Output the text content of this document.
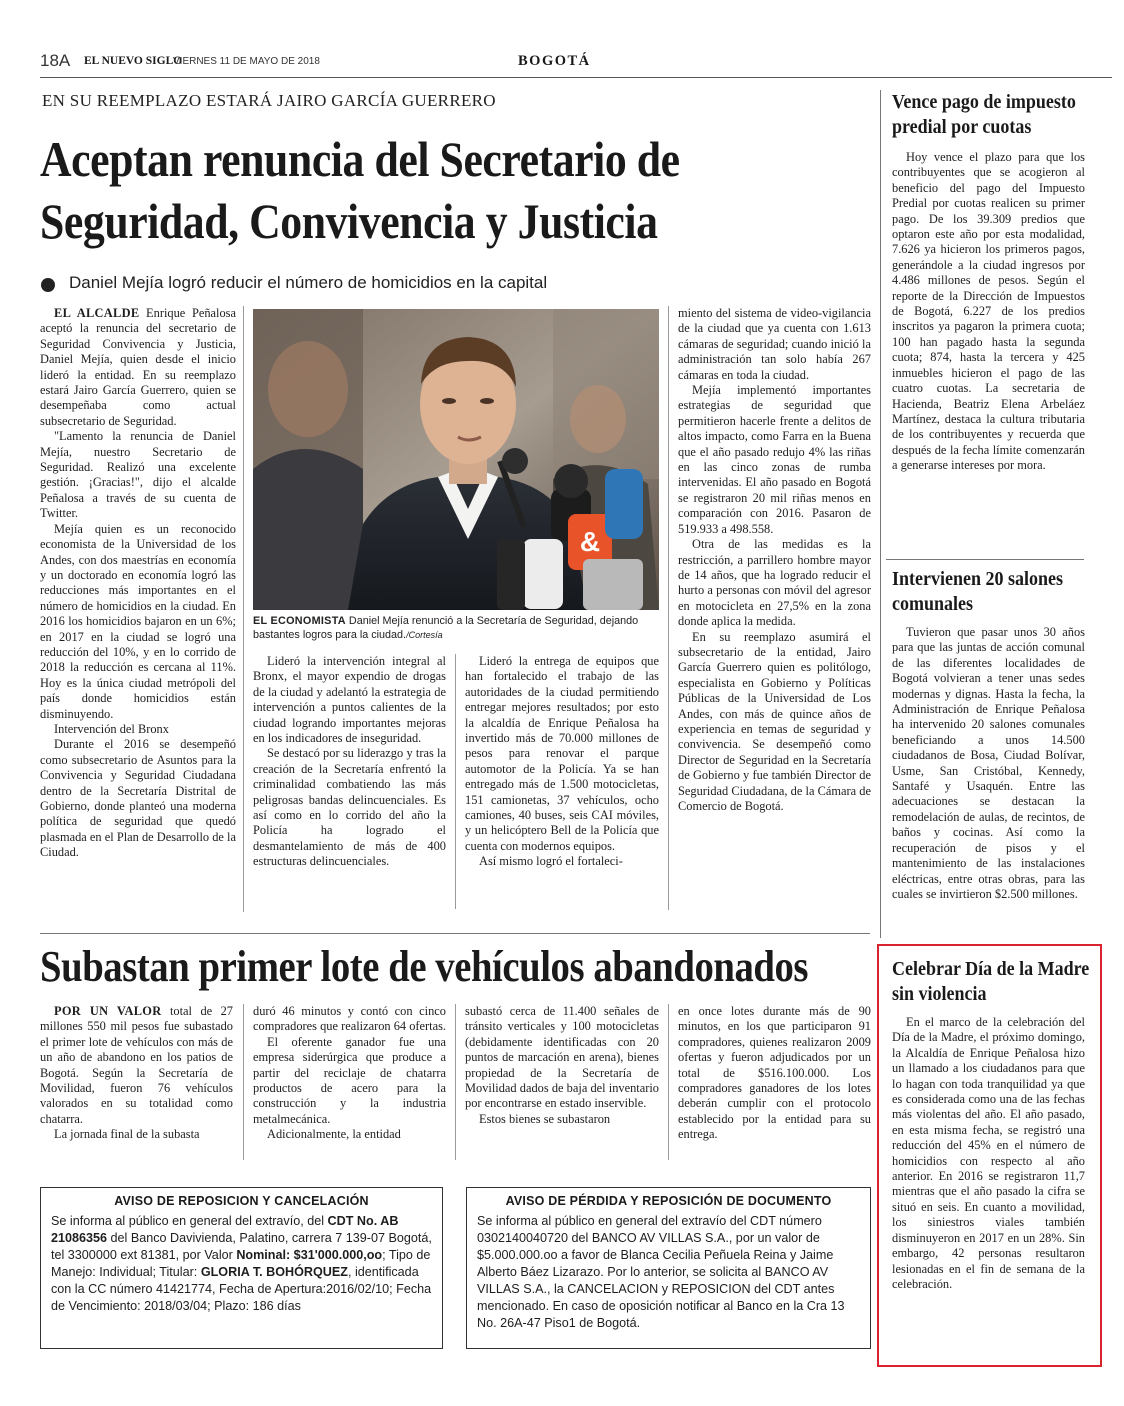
18A EL NUEVO SIGLO
VIERNES 11 DE MAYO DE 2018	BOGOTÁ
EN SU REEMPLAZO ESTARÁ JAIRO GARCÍA GUERRERO
Aceptan renuncia del Secretario de
Seguridad, Convivencia y Justicia
Daniel Mejía logró reducir el número de homicidios en la capital

EL ALCALDE Enrique Peñalosa aceptó la renuncia del secretario de Seguridad Convivencia y Justicia, Daniel Mejía, quien desde el inicio lideró la entidad. En su reemplazo estará Jairo García Guerrero, quien se desempeñaba como actual subsecretario de Seguridad.

"Lamento la renuncia de Daniel Mejía, nuestro Secretario de Seguridad. Realizó una excelente gestión. ¡Gracias!", dijo el alcalde Peñalosa a través de su cuenta de Twitter.

Mejía quien es un reconocido economista de la Universidad de los Andes, con dos maestrías en economía y un doctorado en economía logró las reducciones más importantes en el número de homicidios en la ciudad. En 2016 los homicidios bajaron en un 6%; en 2017 en la ciudad se logró una reducción del 10%, y en lo corrido de 2018 la reducción es cercana al 11%. Hoy es la única ciudad metrópoli del país donde homicidios están disminuyendo.

Intervención del Bronx

Durante el 2016 se desempeñó como subsecretario de Asuntos para la Convivencia y Seguridad Ciudadana dentro de la Secretaría Distrital de Gobierno, donde planteó una moderna política de seguridad que quedó plasmada en el Plan de Desarrollo de la Ciudad.

&
EL ECONOMISTA Daniel Mejía renunció a la Secretaría de Seguridad, dejando bastantes logros para la ciudad./Cortesía

Lideró la intervención integral al Bronx, el mayor expendio de drogas de la ciudad y adelantó la estrategia de intervención a puntos calientes de la ciudad logrando importantes mejoras en los indicadores de inseguridad.

Se destacó por su liderazgo y tras la creación de la Secretaría enfrentó la criminalidad combatiendo las más peligrosas bandas delincuenciales. Es así como en lo corrido del año la Policía ha logrado el desmantelamiento de más de 400 estructuras delincuenciales.

Lideró la entrega de equipos que han fortalecido el trabajo de las autoridades de la ciudad permitiendo entregar mejores resultados; por esto la alcaldía de Enrique Peñalosa ha invertido más de 70.000 millones de pesos para renovar el parque automotor de la Policía. Ya se han entregado más de 1.500 motocicletas, 151 camionetas, 37 vehículos, ocho camiones, 40 buses, seis CAI móviles, y un helicóptero Bell de la Policía que cuenta con modernos equipos.

Así mismo logró el fortaleci-

miento del sistema de video-vigilancia de la ciudad que ya cuenta con 1.613 cámaras de seguridad; cuando inició la administración tan solo había 267 cámaras en toda la ciudad.

Mejía implementó importantes estrategias de seguridad que permitieron hacerle frente a delitos de altos impacto, como Farra en la Buena que el año pasado redujo 4% las riñas en las cinco zonas de rumba intervenidas. El año pasado en Bogotá se registraron 20 mil riñas menos en comparación con 2016. Pasaron de 519.933 a 498.558.

Otra de las medidas es la restricción, a parrillero hombre mayor de 14 años, que ha logrado reducir el hurto a personas con móvil del agresor en motocicleta en 27,5% en la zona donde aplica la medida.

En su reemplazo asumirá el subsecretario de la entidad, Jairo García Guerrero quien es politólogo, especialista en Gobierno y Políticas Públicas de la Universidad de Los Andes, con más de quince años de experiencia en temas de seguridad y convivencia. Se desempeñó como Director de Seguridad en la Secretaría de Gobierno y fue también Director de Seguridad Ciudadana, de la Cámara de Comercio de Bogotá.

Vence pago de impuesto predial por cuotas

Hoy vence el plazo para que los contribuyentes que se acogieron al beneficio del pago del Impuesto Predial por cuotas realicen su primer pago. De los 39.309 predios que optaron este año por esta modalidad, 7.626 ya hicieron los primeros pagos, generándole a la ciudad ingresos por 4.486 millones de pesos. Según el reporte de la Dirección de Impuestos de Bogotá, 6.227 de los predios inscritos ya pagaron la primera cuota; 100 han pagado hasta la segunda cuota; 874, hasta la tercera y 425 inmuebles hicieron el pago de las cuatro cuotas. La secretaria de Hacienda, Beatriz Elena Arbeláez Martínez, destaca la cultura tributaria de los contribuyentes y recuerda que después de la fecha límite comenzarán a generarse intereses por mora.

Intervienen 20 salones comunales

Tuvieron que pasar unos 30 años para que las juntas de acción comunal de las diferentes localidades de Bogotá volvieran a tener unas sedes modernas y dignas. Hasta la fecha, la Administración de Enrique Peñalosa ha intervenido 20 salones comunales beneficiando a unos 14.500 ciudadanos de Bosa, Ciudad Bolívar, Usme, San Cristóbal, Kennedy, Santafé y Usaquén. Entre las adecuaciones se destacan la remodelación de aulas, de recintos, de baños y cocinas. Así como la recuperación de pisos y el mantenimiento de las instalaciones eléctricas, entre otras obras, para las cuales se invirtieron $2.500 millones.

Celebrar Día de la Madre sin violencia

En el marco de la celebración del Día de la Madre, el próximo domingo, la Alcaldía de Enrique Peñalosa hizo un llamado a los ciudadanos para que lo hagan con toda tranquilidad ya que es considerada como una de las fechas más violentas del año. El año pasado, en esta misma fecha, se registró una reducción del 45% en el número de homicidios con respecto al año anterior. En 2016 se registraron 11,7 mientras que el año pasado la cifra se situó en seis. En cuanto a movilidad, los siniestros viales también disminuyeron en 2017 en un 28%. Sin embargo, 42 personas resultaron lesionadas en el fin de semana de la celebración.

Subastan primer lote de vehículos abandonados

POR UN VALOR total de 27 millones 550 mil pesos fue subastado el primer lote de vehículos con más de un año de abandono en los patios de Bogotá. Según la Secretaría de Movilidad, fueron 76 vehículos valorados en su totalidad como chatarra.

La jornada final de la subasta

duró 46 minutos y contó con cinco compradores que realizaron 64 ofertas.

El oferente ganador fue una empresa siderúrgica que produce a partir del reciclaje de chatarra productos de acero para la construcción y la industria metalmecánica.

Adicionalmente, la entidad

subastó cerca de 11.400 señales de tránsito verticales y 100 motocicletas (debidamente identificadas con 20 puntos de marcación en arena), bienes propiedad de la Secretaría de Movilidad dados de baja del inventario por encontrarse en estado inservible.

Estos bienes se subastaron

en once lotes durante más de 90 minutos, en los que participaron 91 compradores, quienes realizaron 2009 ofertas y fueron adjudicados por un total de $516.100.000. Los compradores ganadores de los lotes deberán cumplir con el protocolo establecido por la entidad para su entrega.

AVISO DE REPOSICION Y CANCELACIÓN
Se informa al público en general del extravío, del CDT No. AB 21086356 del Banco Davivienda, Palatino, carrera 7 139-07 Bogotá, tel 3300000 ext 81381, por Valor Nominal: $31'000.000,oo; Tipo de Manejo: Individual; Titular: GLORIA T. BOHÓRQUEZ, identificada con la CC número 41421774, Fecha de Apertura:2016/02/10; Fecha de Vencimiento: 2018/03/04; Plazo: 186 días
AVISO DE PÉRDIDA Y REPOSICIÓN DE DOCUMENTO
Se informa al público en general del extravío del CDT número 0302140040720 del BANCO AV VILLAS S.A., por un valor de $5.000.000.oo a favor de Blanca Cecilia Peñuela Reina y Jaime Alberto Báez Lizarazo. Por lo anterior, se solicita al BANCO AV VILLAS S.A., la CANCELACION y REPOSICION del CDT antes mencionado. En caso de oposición notificar al Banco en la Cra 13 No. 26A-47 Piso1 de Bogotá.
